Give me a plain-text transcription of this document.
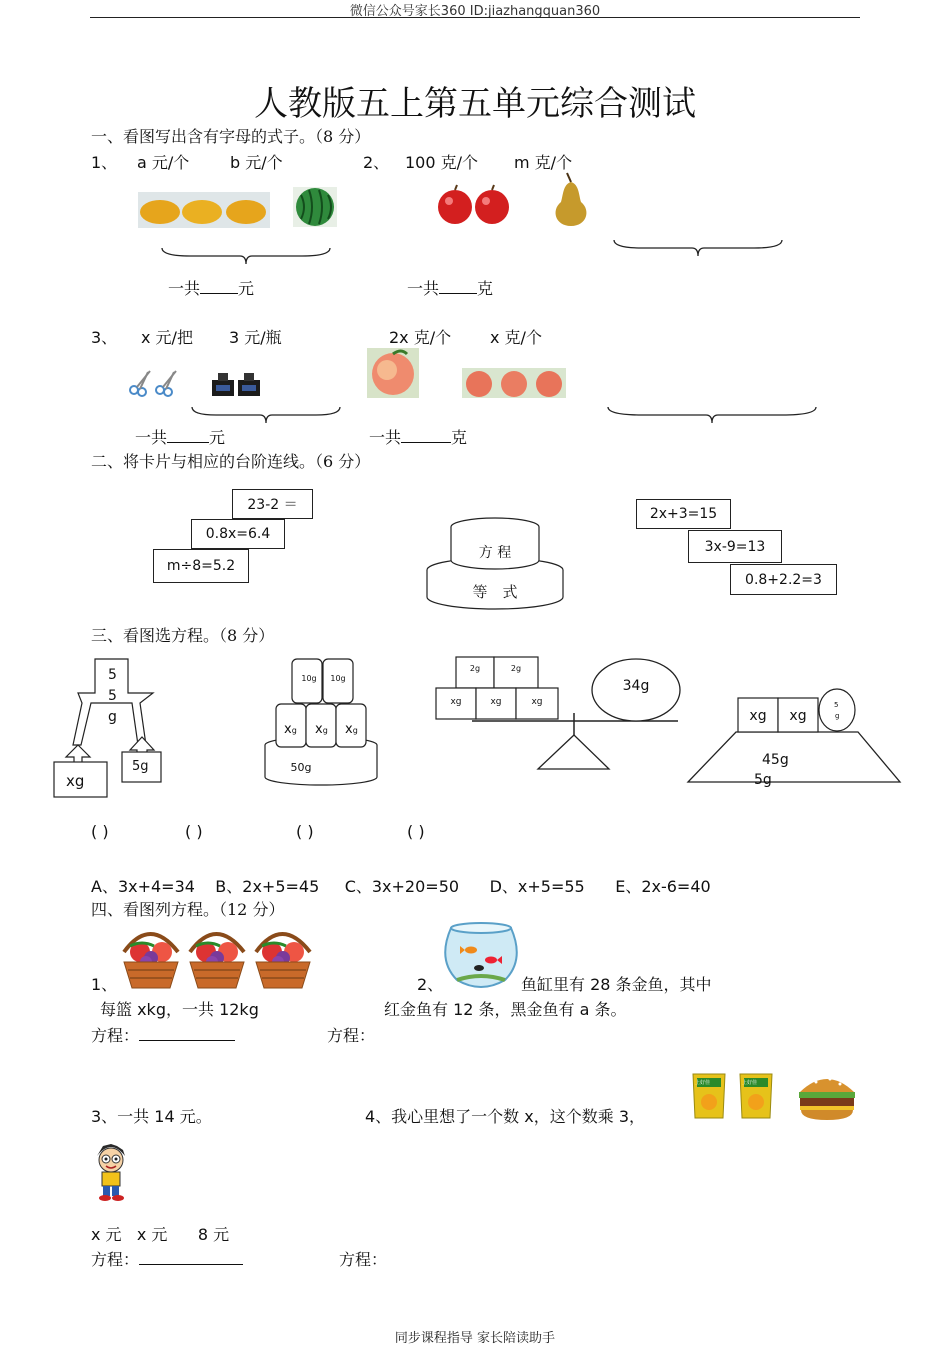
微信公众号家长360 ID:jiazhangquan360
人教版五上第五单元综合测试
一、看图写出含有字母的式子。（8 分）
1、 a 元/个	b 元/个	2、 100 克/个 m 克/个
一共 元	一共 克
3、 x 元/把 3 元/瓶	2x 克/个 x 克/个
一共	元	一共	克
二、将卡片与相应的台阶连线。（6 分）
23-2 ＝
0.8x=6.4
m÷8=5.2
方 程
等　式
2x+3=15
3x-9=13
0.8+2.2=3
三、看图选方程。（8 分）
5
5
g
xg
5g	50g
10g	10g
xg xg xg
2g	2g
xg	xg	xg
34g
xg	xg
5
g
45g
5g
( )	( )	( )	( )
A、3x+4=34    B、2x+5=45     C、3x+20=50      D、x+5=55      E、2x-6=40
四、看图列方程。（12 分）
1、	2、	鱼缸里有 28 条金鱼，其中
每篮 xkg，一共 12kg	红金鱼有 12 条，黑金鱼有 a 条。
方程：	方程：
3、一共 14 元。	4、我心里想了一个数 x，这个数乘 3，
上好佳	上好佳
x 元   x 元      8 元
方程：	方程：
同步课程指导 家长陪读助手
